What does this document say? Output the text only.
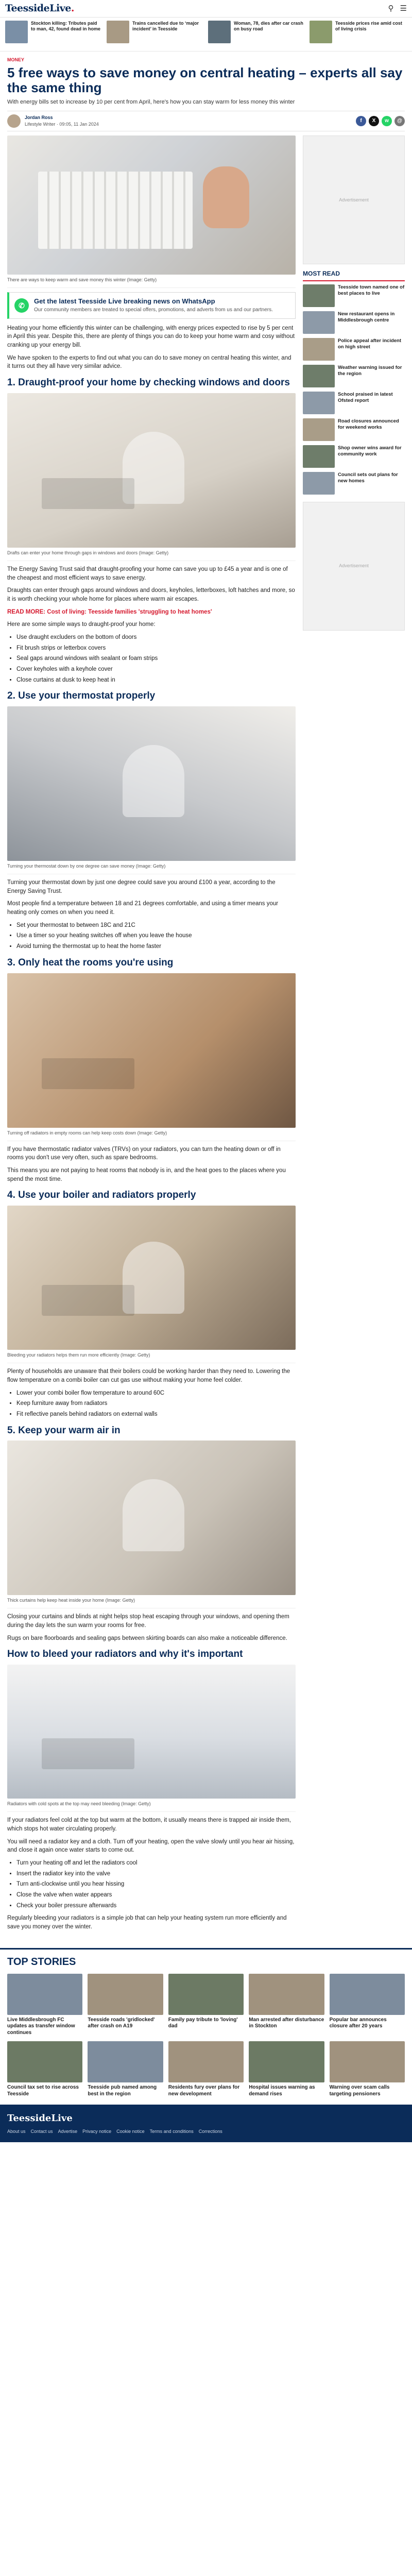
TeessideLive.	⚲ ☰
Stockton killing: Tributes paid to man, 42, found dead in home
Trains cancelled due to ‘major incident’ in Teesside
Woman, 78, dies after car crash on busy road
Teesside prices rise amid cost of living crisis
MONEY
5 free ways to save money on central heating – experts all say the same thing
With energy bills set to increase by 10 per cent from April, here's how you can stay warm for less money this winter
Jordan Ross
Lifestyle Writer · 09:05, 11 Jan 2024
f	X	w	@
There are ways to keep warm and save money this winter (Image: Getty)
✆
Get the latest Teesside Live breaking news on WhatsApp
Our community members are treated to special offers, promotions, and adverts from us and our partners.

Heating your home efficiently this winter can be challenging, with energy prices expected to rise by 5 per cent in April this year. Despite this, there are plenty of things you can do to keep your home warm and cosy without cranking up your energy bill.

We have spoken to the experts to find out what you can do to save money on central heating this winter, and it turns out they all have very similar advice.

1. Draught-proof your home by checking windows and doors
Drafts can enter your home through gaps in windows and doors (Image: Getty)

The Energy Saving Trust said that draught-proofing your home can save you up to £45 a year and is one of the cheapest and most efficient ways to save energy.

Draughts can enter through gaps around windows and doors, keyholes, letterboxes, loft hatches and more, so it is worth checking your whole home for places where warm air escapes.

READ MORE: Cost of living: Teesside families 'struggling to heat homes'

Here are some simple ways to draught-proof your home:

• Use draught excluders on the bottom of doors
• Fit brush strips or letterbox covers
• Seal gaps around windows with sealant or foam strips
• Cover keyholes with a keyhole cover
• Close curtains at dusk to keep heat in
2. Use your thermostat properly
Turning your thermostat down by one degree can save money (Image: Getty)

Turning your thermostat down by just one degree could save you around £100 a year, according to the Energy Saving Trust.

Most people find a temperature between 18 and 21 degrees comfortable, and using a timer means your heating only comes on when you need it.

• Set your thermostat to between 18C and 21C
• Use a timer so your heating switches off when you leave the house
• Avoid turning the thermostat up to heat the home faster
3. Only heat the rooms you're using
Turning off radiators in empty rooms can help keep costs down (Image: Getty)

If you have thermostatic radiator valves (TRVs) on your radiators, you can turn the heating down or off in rooms you don't use very often, such as spare bedrooms.

This means you are not paying to heat rooms that nobody is in, and the heat goes to the places where you spend the most time.

4. Use your boiler and radiators properly
Bleeding your radiators helps them run more efficiently (Image: Getty)

Plenty of households are unaware that their boilers could be working harder than they need to. Lowering the flow temperature on a combi boiler can cut gas use without making your home feel colder.

• Lower your combi boiler flow temperature to around 60C
• Keep furniture away from radiators
• Fit reflective panels behind radiators on external walls
5. Keep your warm air in
Thick curtains help keep heat inside your home (Image: Getty)

Closing your curtains and blinds at night helps stop heat escaping through your windows, and opening them during the day lets the sun warm your rooms for free.

Rugs on bare floorboards and sealing gaps between skirting boards can also make a noticeable difference.

How to bleed your radiators and why it's important
Radiators with cold spots at the top may need bleeding (Image: Getty)

If your radiators feel cold at the top but warm at the bottom, it usually means there is trapped air inside them, which stops hot water circulating properly.

You will need a radiator key and a cloth. Turn off your heating, open the valve slowly until you hear air hissing, and close it again once water starts to come out.

• Turn your heating off and let the radiators cool
• Insert the radiator key into the valve
• Turn anti-clockwise until you hear hissing
• Close the valve when water appears
• Check your boiler pressure afterwards

Regularly bleeding your radiators is a simple job that can help your heating system run more efficiently and save you money over the winter.

Advertisement
MOST READ
Teesside town named one of best places to live
New restaurant opens in Middlesbrough centre
Police appeal after incident on high street
Weather warning issued for the region
School praised in latest Ofsted report
Road closures announced for weekend works
Shop owner wins award for community work
Council sets out plans for new homes
Advertisement
TOP STORIES
Live Middlesbrough FC updates as transfer window continues
Teesside roads 'gridlocked' after crash on A19
Family pay tribute to 'loving' dad
Man arrested after disturbance in Stockton
Popular bar announces closure after 20 years
Council tax set to rise across Teesside
Teesside pub named among best in the region
Residents fury over plans for new development
Hospital issues warning as demand rises
Warning over scam calls targeting pensioners
TeessideLive
About us Contact us Advertise Privacy notice Cookie notice Terms and conditions Corrections
